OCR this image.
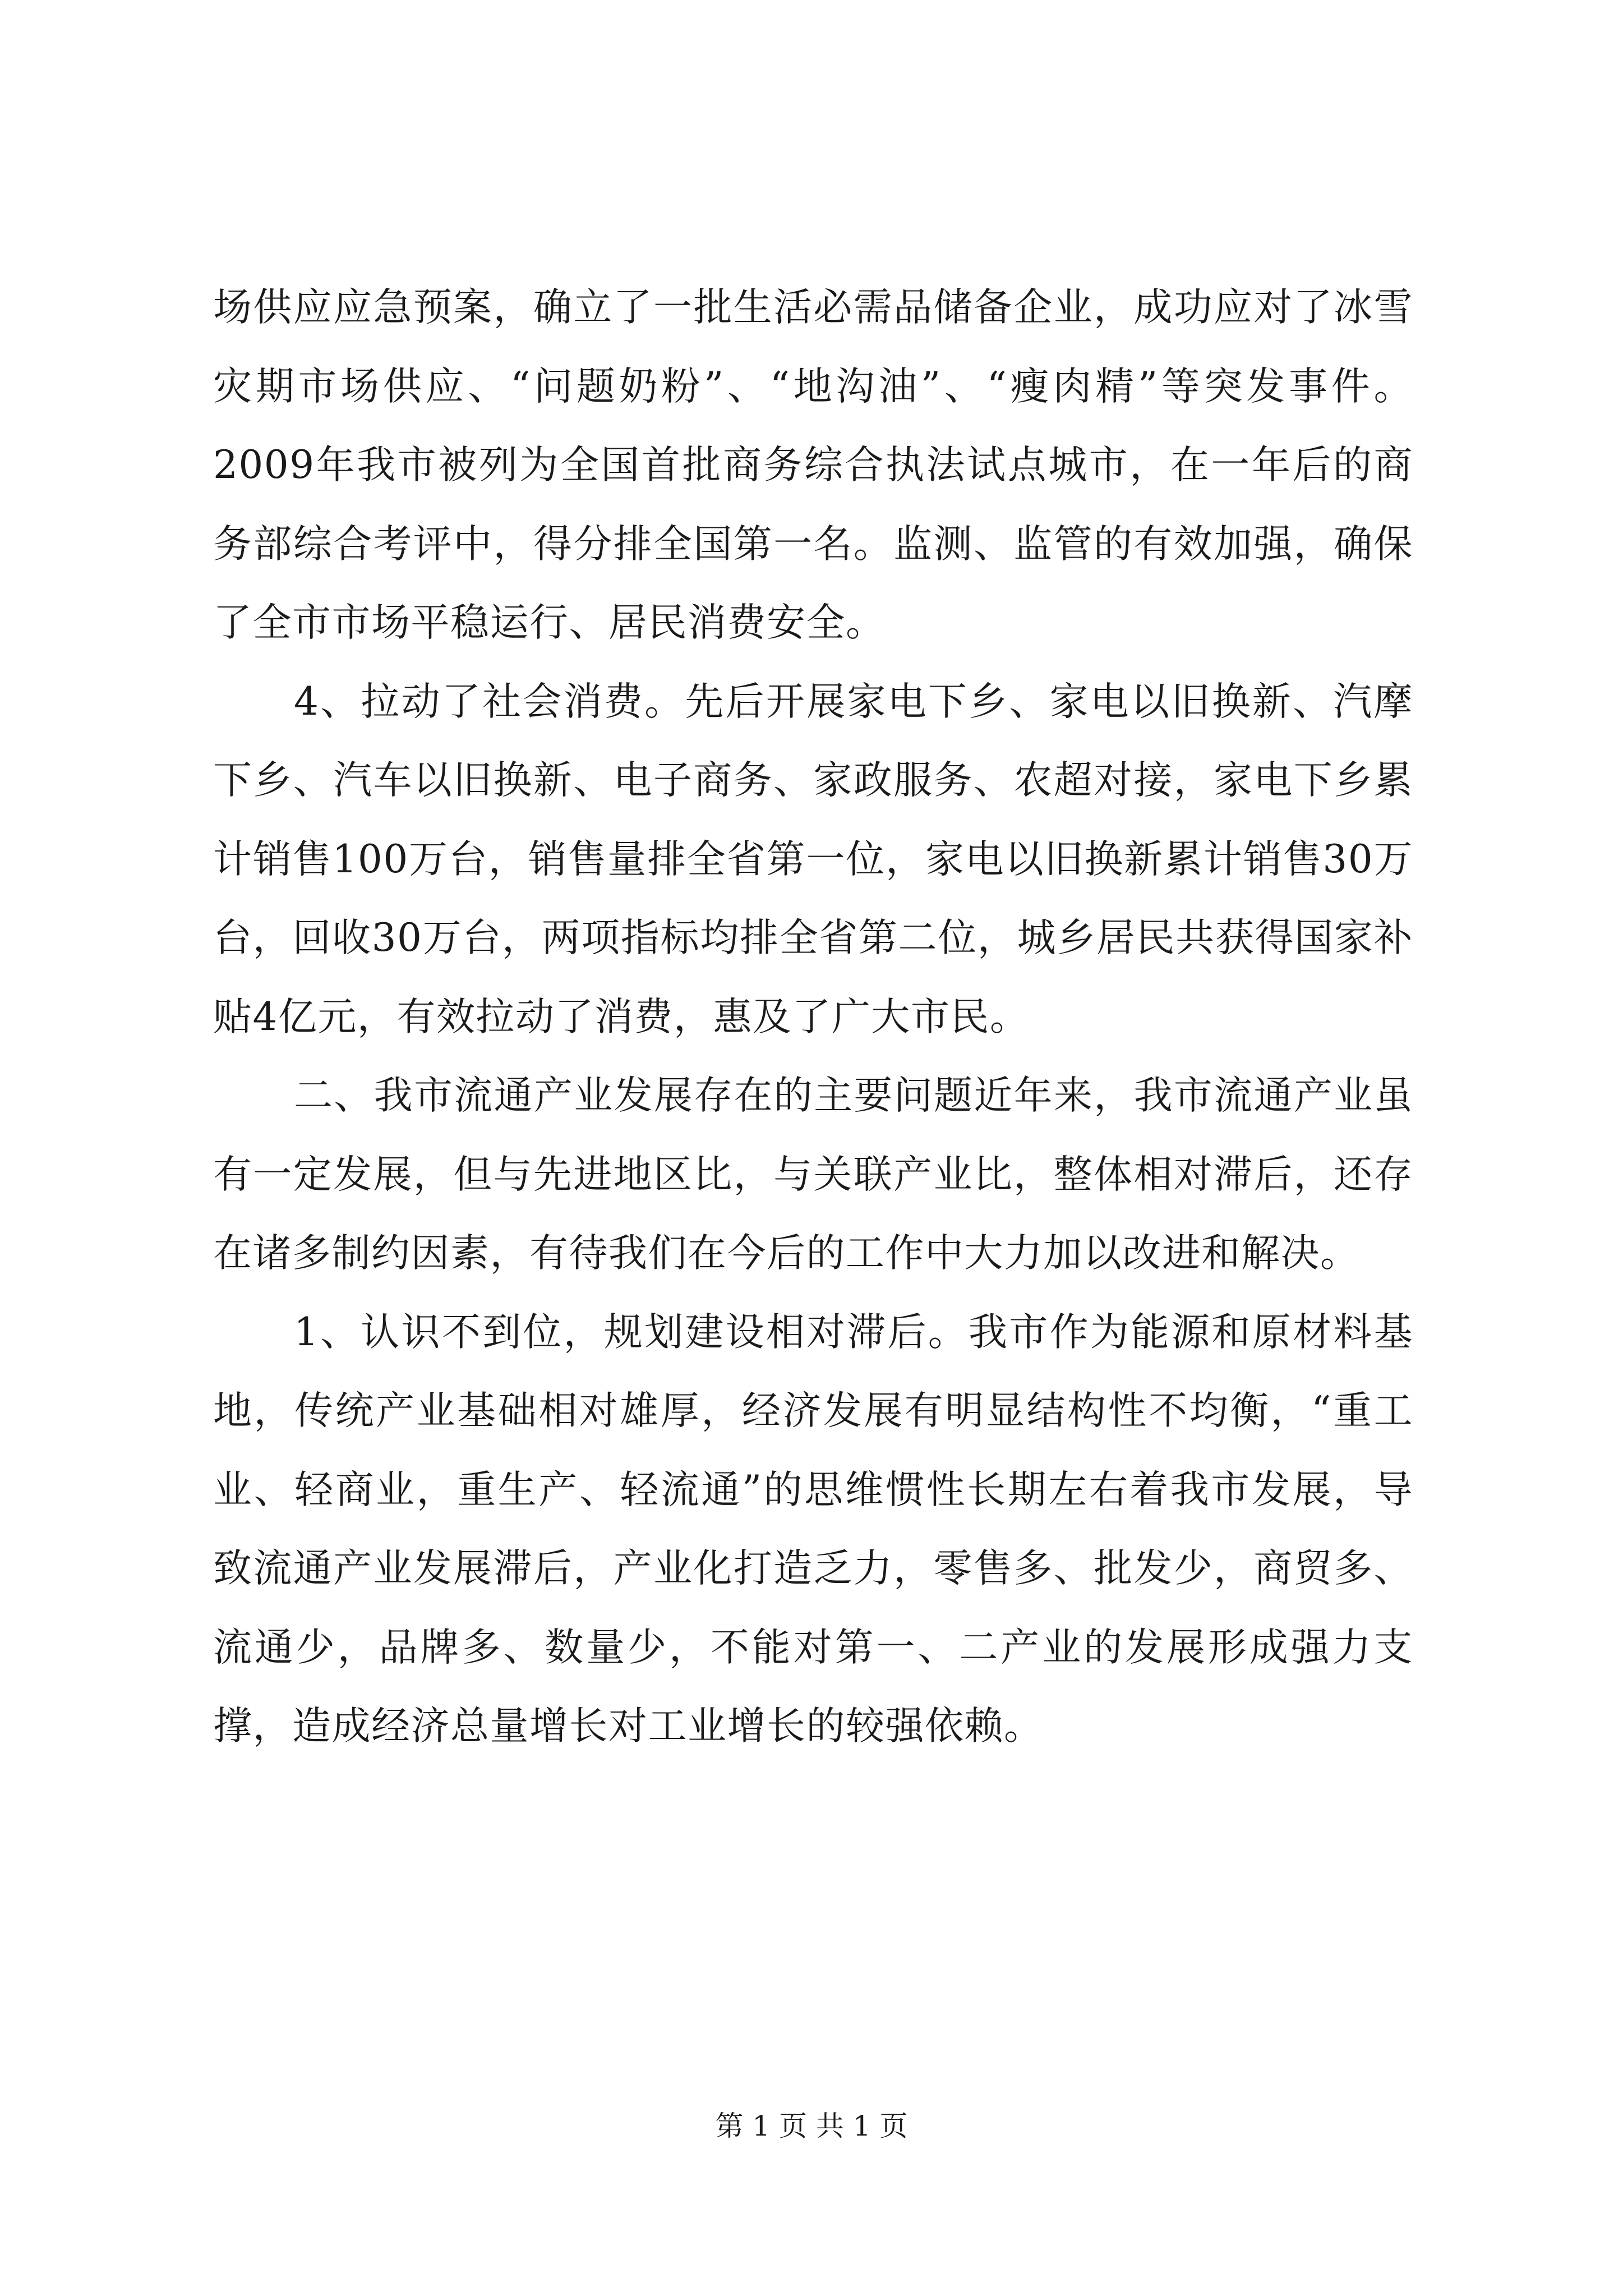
场供应应急预案，确立了一批生活必需品储备企业，成功应对了冰雪灾期市场供应、“问题奶粉”、“地沟油”、“瘦肉精”等突发事件。2009年我市被列为全国首批商务综合执法试点城市，在一年后的商务部综合考评中，得分排全国第一名。监测、监管的有效加强，确保了全市市场平稳运行、居民消费安全。

4、拉动了社会消费。先后开展家电下乡、家电以旧换新、汽摩下乡、汽车以旧换新、电子商务、家政服务、农超对接，家电下乡累计销售100万台，销售量排全省第一位，家电以旧换新累计销售30万台，回收30万台，两项指标均排全省第二位，城乡居民共获得国家补贴4亿元，有效拉动了消费，惠及了广大市民。

二、我市流通产业发展存在的主要问题近年来，我市流通产业虽有一定发展，但与先进地区比，与关联产业比，整体相对滞后，还存在诸多制约因素，有待我们在今后的工作中大力加以改进和解决。

1、认识不到位，规划建设相对滞后。我市作为能源和原材料基地，传统产业基础相对雄厚，经济发展有明显结构性不均衡，“重工业、轻商业，重生产、轻流通”的思维惯性长期左右着我市发展，导致流通产业发展滞后，产业化打造乏力，零售多、批发少，商贸多、流通少，品牌多、数量少，不能对第一、二产业的发展形成强力支撑，造成经济总量增长对工业增长的较强依赖。

第 1 页 共 1 页
